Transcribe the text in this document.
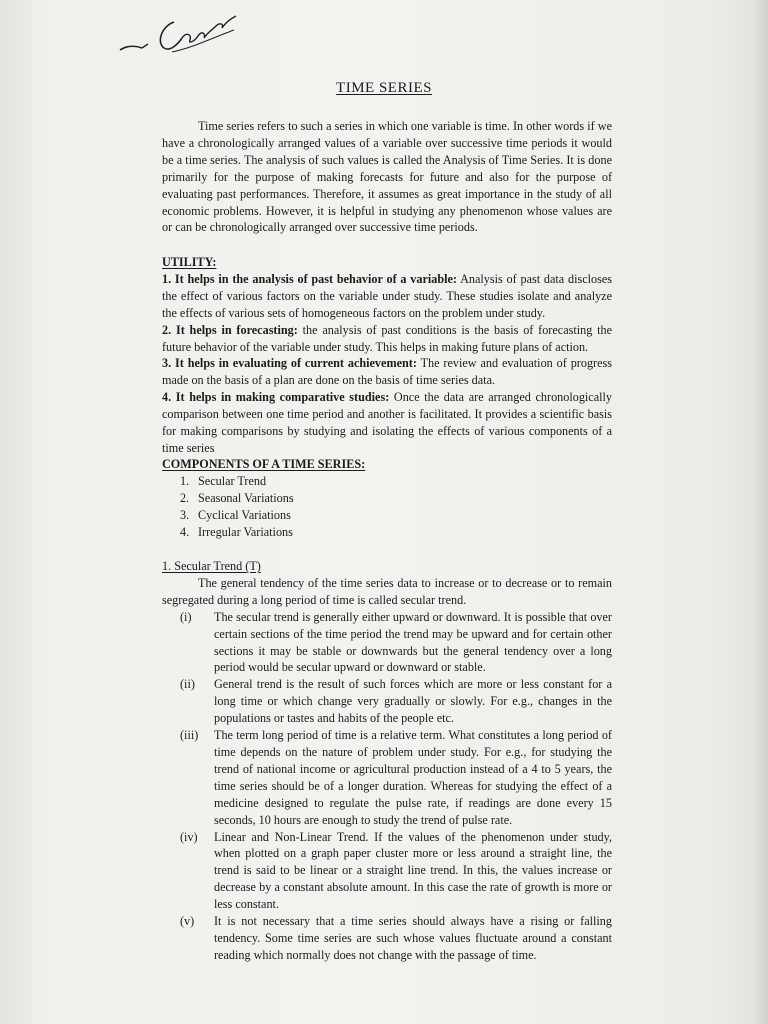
TIME SERIES

Time series refers to such a series in which one variable is time. In other words if we have a chronologically arranged values of a variable over successive time periods it would be a time series. The analysis of such values is called the Analysis of Time Series. It is done primarily for the purpose of making forecasts for future and also for the purpose of evaluating past performances. Therefore, it assumes as great importance in the study of all economic problems. However, it is helpful in studying any phenomenon whose values are or can be chronologically arranged over successive time periods.

UTILITY:

1. It helps in the analysis of past behavior of a variable: Analysis of past data discloses the effect of various factors on the variable under study. These studies isolate and analyze the effects of various sets of homogeneous factors on the problem under study.

2. It helps in forecasting: the analysis of past conditions is the basis of forecasting the future behavior of the variable under study. This helps in making future plans of action.

3. It helps in evaluating of current achievement: The review and evaluation of progress made on the basis of a plan are done on the basis of time series data.

4. It helps in making comparative studies: Once the data are arranged chronologically comparison between one time period and another is facilitated. It provides a scientific basis for making comparisons by studying and isolating the effects of various components of a time series

COMPONENTS OF A TIME SERIES:

1. Secular Trend
2. Seasonal Variations
3. Cyclical Variations
4. Irregular Variations

1. Secular Trend (T)

The general tendency of the time series data to increase or to decrease or to remain segregated during a long period of time is called secular trend.

(i)	The secular trend is generally either upward or downward. It is possible that over certain sections of the time period the trend may be upward and for certain other sections it may be stable or downwards but the general tendency over a long period would be secular upward or downward or stable.
(ii)	General trend is the result of such forces which are more or less constant for a long time or which change very gradually or slowly. For e.g., changes in the populations or tastes and habits of the people etc.
(iii)	The term long period of time is a relative term. What constitutes a long period of time depends on the nature of problem under study. For e.g., for studying the trend of national income or agricultural production instead of a 4 to 5 years, the time series should be of a longer duration. Whereas for studying the effect of a medicine designed to regulate the pulse rate, if readings are done every 15 seconds, 10 hours are enough to study the trend of pulse rate.
(iv)	Linear and Non-Linear Trend. If the values of the phenomenon under study, when plotted on a graph paper cluster more or less around a straight line, the trend is said to be linear or a straight line trend. In this, the values increase or decrease by a constant absolute amount. In this case the rate of growth is more or less constant.
(v)	It is not necessary that a time series should always have a rising or falling tendency. Some time series are such whose values fluctuate around a constant reading which normally does not change with the passage of time.
